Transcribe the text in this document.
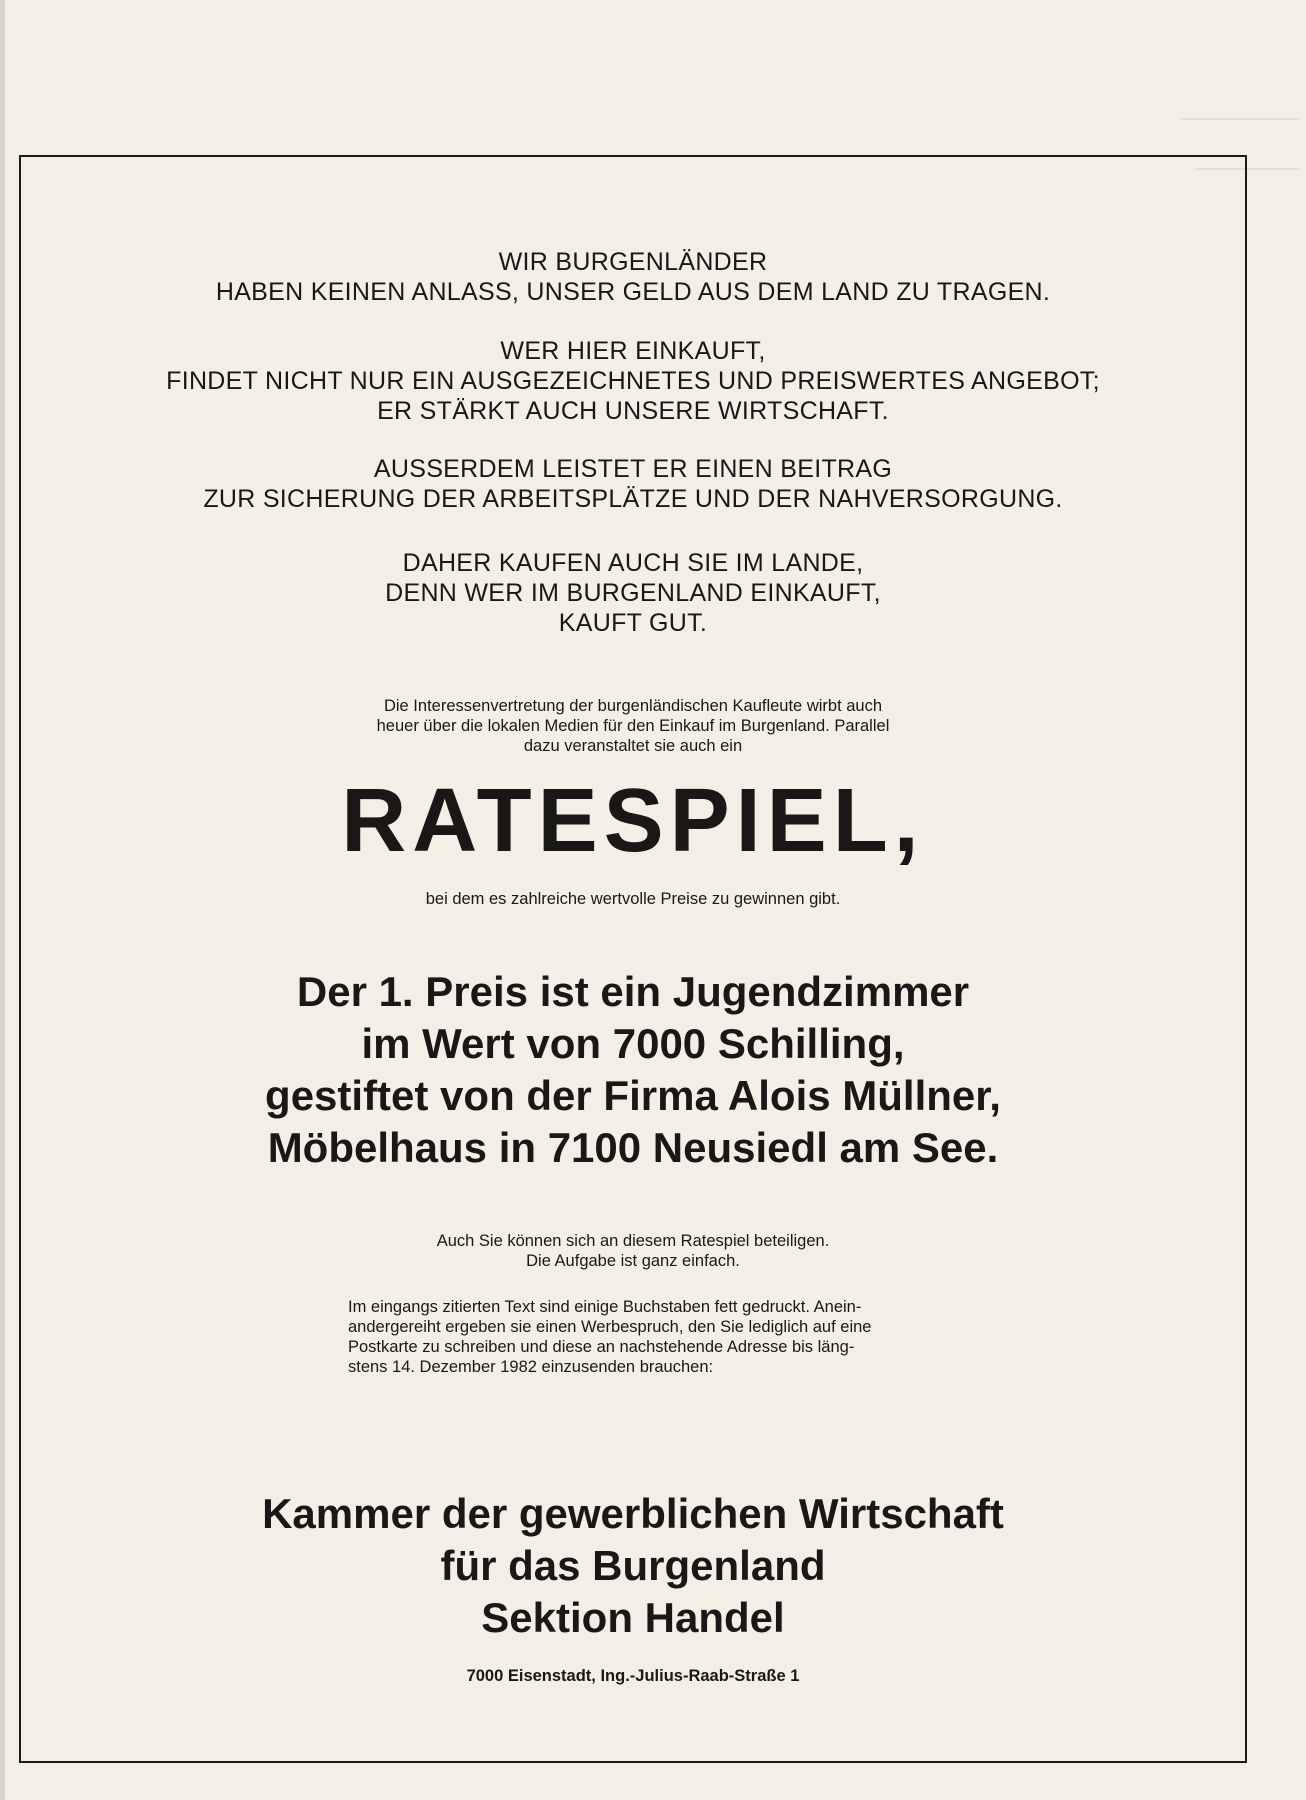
WIR BURGENLÄNDER
HABEN KEINEN ANLASS, UNSER GELD AUS DEM LAND ZU TRAGEN.
WER HIER EINKAUFT,
FINDET NICHT NUR EIN AUSGEZEICHNETES UND PREISWERTES ANGEBOT;
ER STÄRKT AUCH UNSERE WIRTSCHAFT.
AUSSERDEM LEISTET ER EINEN BEITRAG
ZUR SICHERUNG DER ARBEITSPLÄTZE UND DER NAHVERSORGUNG.
DAHER KAUFEN AUCH SIE IM LANDE,
DENN WER IM BURGENLAND EINKAUFT,
KAUFT GUT.
Die Interessenvertretung der burgenländischen Kaufleute wirbt auch
heuer über die lokalen Medien für den Einkauf im Burgenland. Parallel
dazu veranstaltet sie auch ein
RATESPIEL,
bei dem es zahlreiche wertvolle Preise zu gewinnen gibt.
Der 1. Preis ist ein Jugendzimmer
im Wert von 7000 Schilling,
gestiftet von der Firma Alois Müllner,
Möbelhaus in 7100 Neusiedl am See.
Auch Sie können sich an diesem Ratespiel beteiligen.
Die Aufgabe ist ganz einfach.
Im eingangs zitierten Text sind einige Buchstaben fett gedruckt. Anein-
andergereiht ergeben sie einen Werbespruch, den Sie lediglich auf eine
Postkarte zu schreiben und diese an nachstehende Adresse bis läng-
stens 14. Dezember 1982 einzusenden brauchen:
Kammer der gewerblichen Wirtschaft
für das Burgenland
Sektion Handel
7000 Eisenstadt, Ing.-Julius-Raab-Straße 1
